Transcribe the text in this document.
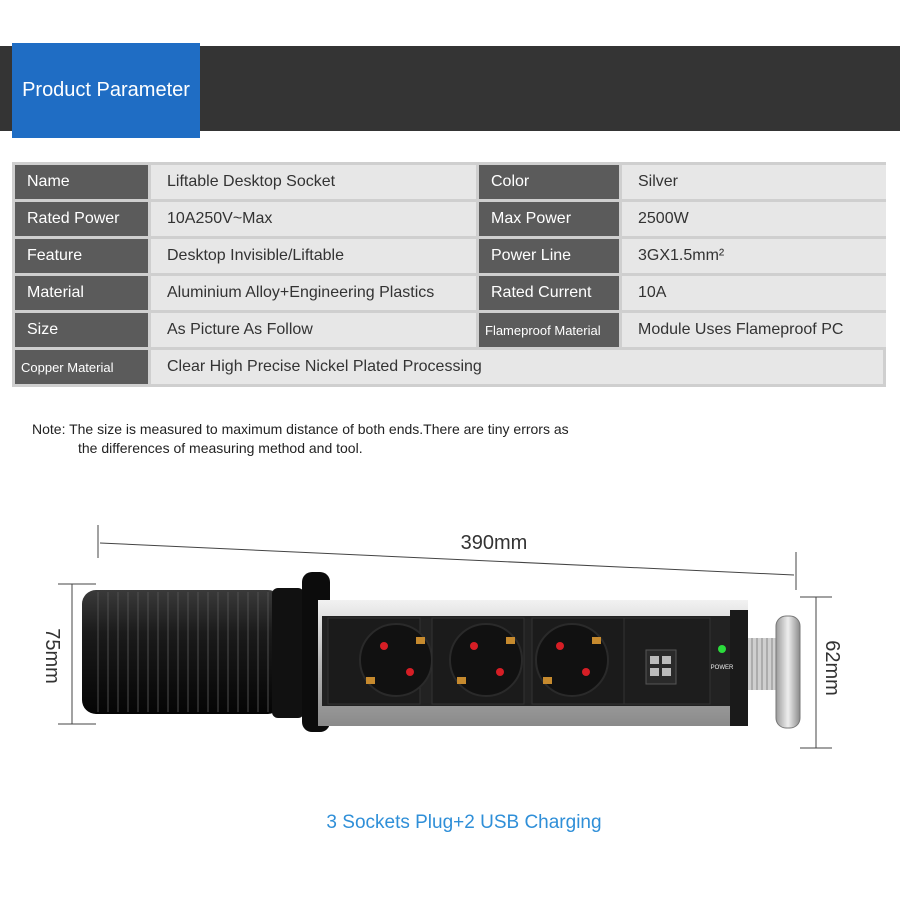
Product Parameter
Name	Liftable Desktop Socket	Color	Silver
Rated Power	10A250V~Max	Max Power	2500W
Feature	Desktop Invisible/Liftable	Power Line	3GX1.5mm²
Material	Aluminium Alloy+Engineering Plastics	Rated Current	10A
Size	As Picture As Follow	Flameproof Material	Module Uses Flameproof PC
Copper Material	Clear High Precise Nickel Plated Processing
Note: The size is measured to maximum distance of both ends.There are tiny errors as
the differences of measuring method and tool.
390mm
75mm	62mm
POWER
3 Sockets Plug+2 USB Charging
